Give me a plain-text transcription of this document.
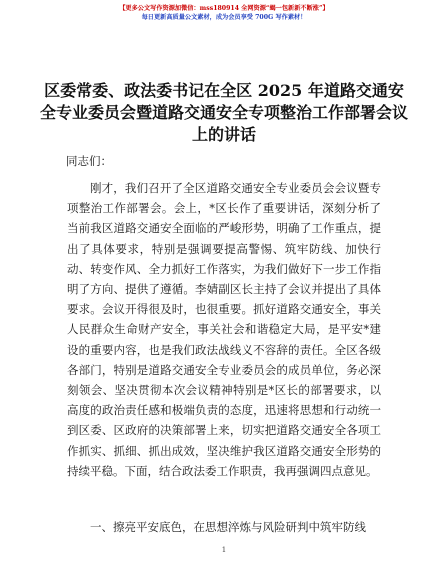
【更多公文写作资源加微信：mss180914 全网资源“蝎一包新新不断涨”】
每日更新高质量公文素材，成为会员享受 700G 写作素材！
区委常委、政法委书记在全区 2025 年道路交通安全专业委员会暨道路交通安全专项整治工作部署会议上的讲话
同志们：

刚才，我们召开了全区道路交通安全专业委员会会议暨专项整治工作部署会。会上，*区长作了重要讲话，深刻分析了当前我区道路交通安全面临的严峻形势，明确了工作重点，提出了具体要求，特别是强调要提高警惕、筑牢防线、加快行动、转变作风、全力抓好工作落实，为我们做好下一步工作指明了方向、提供了遵循。李婧副区长主持了会议并提出了具体要求。会议开得很及时，也很重要。抓好道路交通安全，事关人民群众生命财产安全，事关社会和谐稳定大局，是平安*建设的重要内容，也是我们政法战线义不容辞的责任。全区各级各部门，特别是道路交通安全专业委员会的成员单位，务必深刻领会、坚决贯彻本次会议精神特别是*区长的部署要求，以高度的政治责任感和极端负责的态度，迅速将思想和行动统一到区委、区政府的决策部署上来，切实把道路交通安全各项工作抓实、抓细、抓出成效，坚决维护我区道路交通安全形势的持续平稳。下面，结合政法委工作职责，我再强调四点意见。

一、擦亮平安底色，在思想淬炼与风险研判中筑牢防线

1
